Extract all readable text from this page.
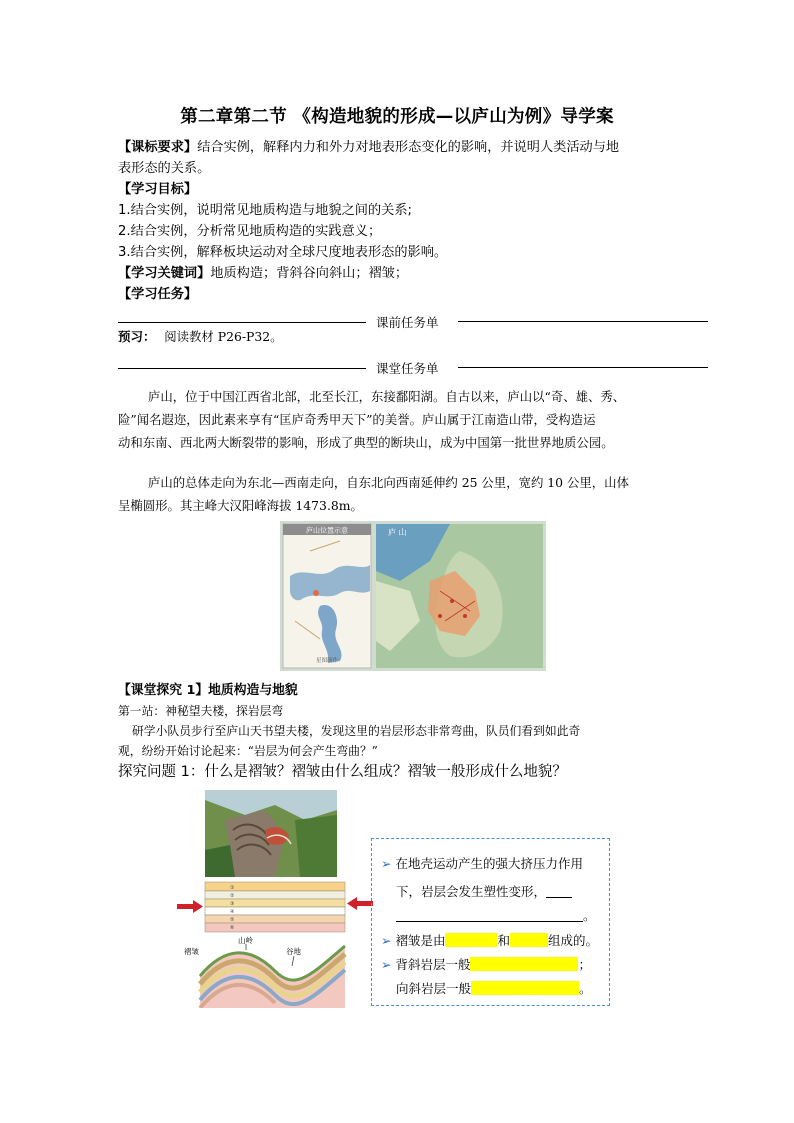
第二章第二节 《构造地貌的形成—以庐山为例》导学案
【课标要求】结合实例，解释内力和外力对地表形态变化的影响，并说明人类活动与地
表形态的关系。
【学习目标】
1.结合实例，说明常见地质构造与地貌之间的关系;
2.结合实例，分析常见地质构造的实践意义；
3.结合实例，解释板块运动对全球尺度地表形态的影响。
【学习关键词】地质构造；背斜谷向斜山；褶皱；
【学习任务】
课前任务单
预习： 阅读教材 P26-P32。
课堂任务单
庐山，位于中国江西省北部，北至长江，东接鄱阳湖。自古以来，庐山以“奇、雄、秀、
险”闻名遐迩，因此素来享有“匡庐奇秀甲天下”的美誉。庐山属于江南造山带，受构造运
动和东南、西北两大断裂带的影响，形成了典型的断块山，成为中国第一批世界地质公园。
庐山的总体走向为东北—西南走向，自东北向西南延伸约 25 公里，宽约 10 公里，山体
呈椭圆形。其主峰大汉阳峰海拔 1473.8m。
庐山位置示意
星图制作
庐 山
【课堂探究 1】地质构造与地貌
第一站：神秘望夫楼，探岩层弯
研学小队员步行至庐山天书望夫楼，发现这里的岩层形态非常弯曲，队员们看到如此奇
观，纷纷开始讨论起来：“岩层为何会产生弯曲？”
探究问题 1：什么是褶皱？褶皱由什么组成？褶皱一般形成什么地貌？
①
②
③
④
⑤
⑥
褶皱
山岭
谷地
➢ 在地壳运动产生的强大挤压力作用
下，岩层会发生塑性变形，
。
➢ 褶皱是由	和	组成的。
➢ 背斜岩层一般	；
向斜岩层一般	。
